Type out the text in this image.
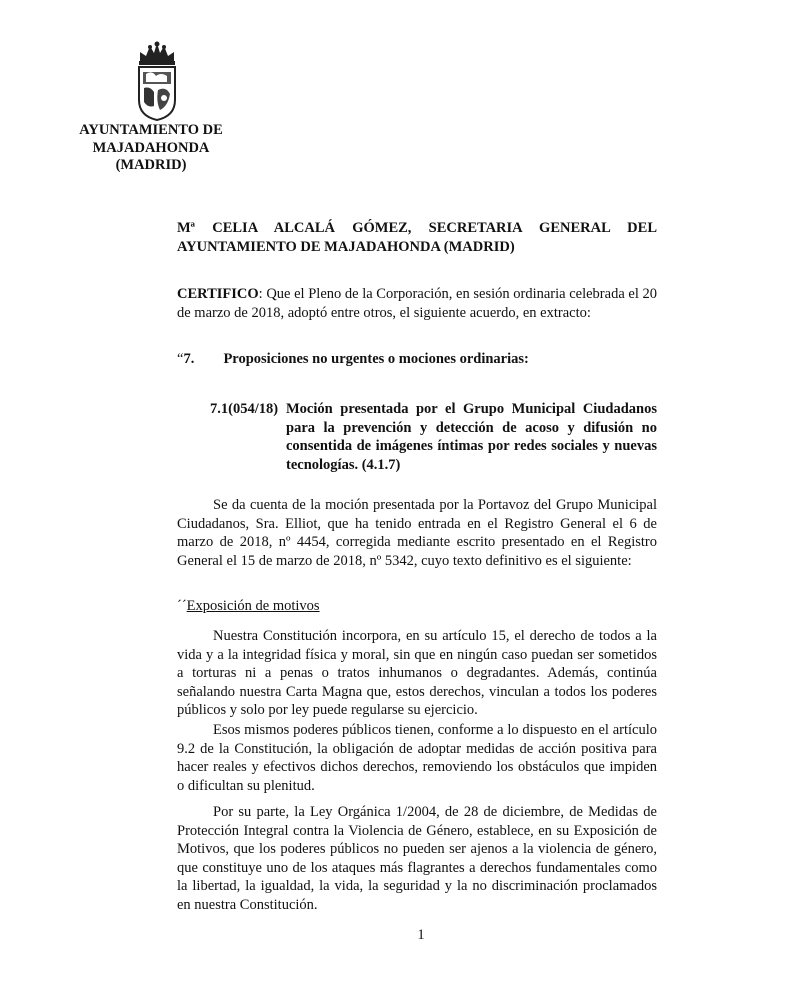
AYUNTAMIENTO DE
MAJADAHONDA
(MADRID)
Mª CELIA ALCALÁ GÓMEZ, SECRETARIA GENERAL DEL AYUNTAMIENTO DE MAJADAHONDA (MADRID)
CERTIFICO: Que el Pleno de la Corporación, en sesión ordinaria celebrada el 20 de marzo de 2018, adoptó entre otros, el siguiente acuerdo, en extracto:
“7. Proposiciones no urgentes o mociones ordinarias:
7.1(054/18) Moción presentada por el Grupo Municipal Ciudadanos para la prevención y detección de acoso y difusión no consentida de imágenes íntimas por redes sociales y nuevas tecnologías. (4.1.7)

Se da cuenta de la moción presentada por la Portavoz del Grupo Municipal Ciudadanos, Sra. Elliot, que ha tenido entrada en el Registro General el 6 de marzo de 2018, nº 4454, corregida mediante escrito presentado en el Registro General el 15 de marzo de 2018, nº 5342, cuyo texto definitivo es el siguiente:

´´Exposición de motivos

Nuestra Constitución incorpora, en su artículo 15, el derecho de todos a la vida y a la integridad física y moral, sin que en ningún caso puedan ser sometidos a torturas ni a penas o tratos inhumanos o degradantes. Además, continúa señalando nuestra Carta Magna que, estos derechos, vinculan a todos los poderes públicos y solo por ley puede regularse su ejercicio.

Esos mismos poderes públicos tienen, conforme a lo dispuesto en el artículo 9.2 de la Constitución, la obligación de adoptar medidas de acción positiva para hacer reales y efectivos dichos derechos, removiendo los obstáculos que impiden o dificultan su plenitud.

Por su parte, la Ley Orgánica 1/2004, de 28 de diciembre, de Medidas de Protección Integral contra la Violencia de Género, establece, en su Exposición de Motivos, que los poderes públicos no pueden ser ajenos a la violencia de género, que constituye uno de los ataques más flagrantes a derechos fundamentales como la libertad, la igualdad, la vida, la seguridad y la no discriminación proclamados en nuestra Constitución.

1
